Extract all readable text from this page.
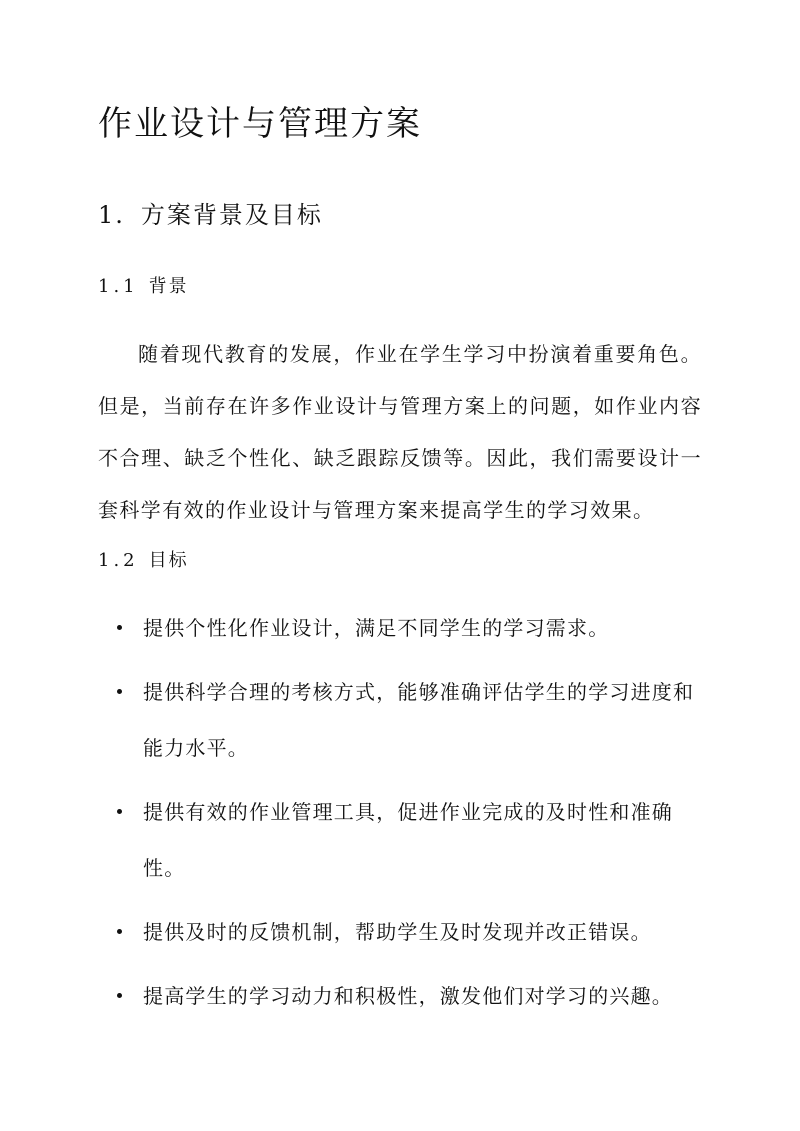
作业设计与管理方案
1. 方案背景及目标
1.1 背景

随着现代教育的发展，作业在学生学习中扮演着重要角色。但是，当前存在许多作业设计与管理方案上的问题，如作业内容不合理、缺乏个性化、缺乏跟踪反馈等。因此，我们需要设计一套科学有效的作业设计与管理方案来提高学生的学习效果。

1.2 目标
提供个性化作业设计，满足不同学生的学习需求。
提供科学合理的考核方式，能够准确评估学生的学习进度和能力水平。
提供有效的作业管理工具，促进作业完成的及时性和准确性。
提供及时的反馈机制，帮助学生及时发现并改正错误。
提高学生的学习动力和积极性，激发他们对学习的兴趣。
